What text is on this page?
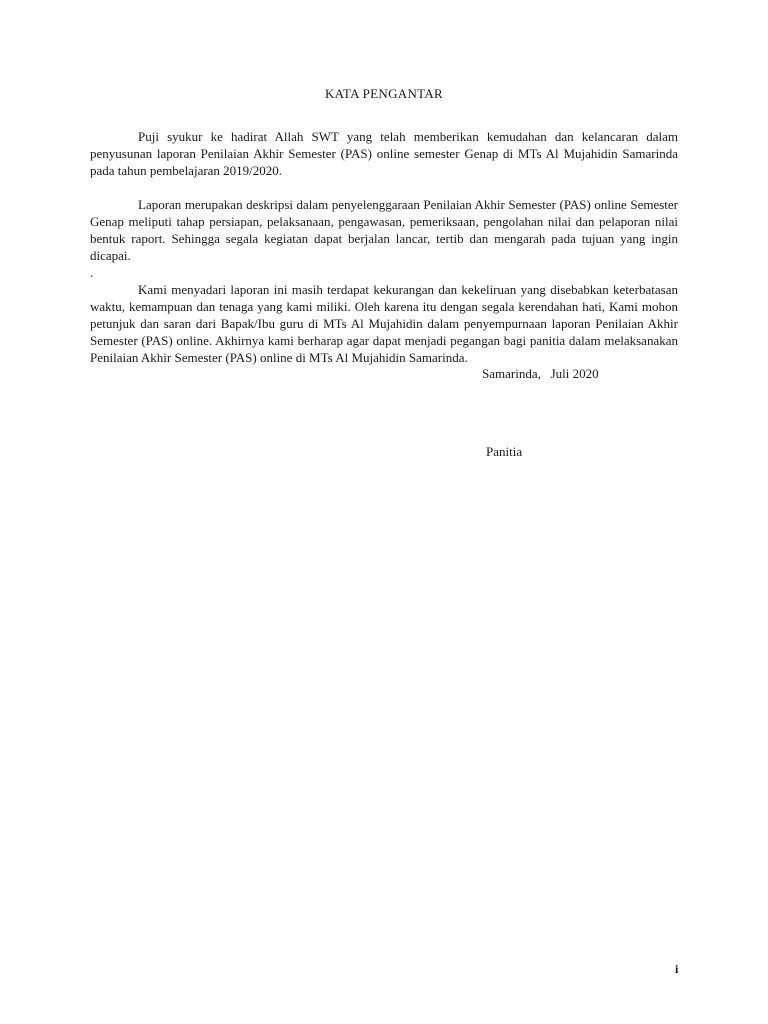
KATA PENGANTAR

Puji syukur ke hadirat Allah SWT yang telah memberikan kemudahan dan kelancaran dalam penyusunan laporan Penilaian Akhir Semester (PAS) online semester Genap di MTs Al Mujahidin Samarinda pada tahun pembelajaran 2019/2020.

Laporan merupakan deskripsi dalam penyelenggaraan Penilaian Akhir Semester (PAS) online Semester Genap meliputi tahap persiapan, pelaksanaan, pengawasan, pemeriksaan, pengolahan nilai dan pelaporan nilai bentuk raport. Sehingga segala kegiatan dapat berjalan lancar, tertib dan mengarah pada tujuan yang ingin dicapai.

.

Kami menyadari laporan ini masih terdapat kekurangan dan kekeliruan yang disebabkan keterbatasan waktu, kemampuan dan tenaga yang kami miliki. Oleh karena itu dengan segala kerendahan hati, Kami mohon petunjuk dan saran dari Bapak/Ibu guru di MTs Al Mujahidin dalam penyempurnaan laporan Penilaian Akhir Semester (PAS) online. Akhirnya kami berharap agar dapat menjadi pegangan bagi panitia dalam melaksanakan Penilaian Akhir Semester (PAS) online di MTs Al Mujahidin Samarinda.

Samarinda,   Juli 2020
Panitia
i
